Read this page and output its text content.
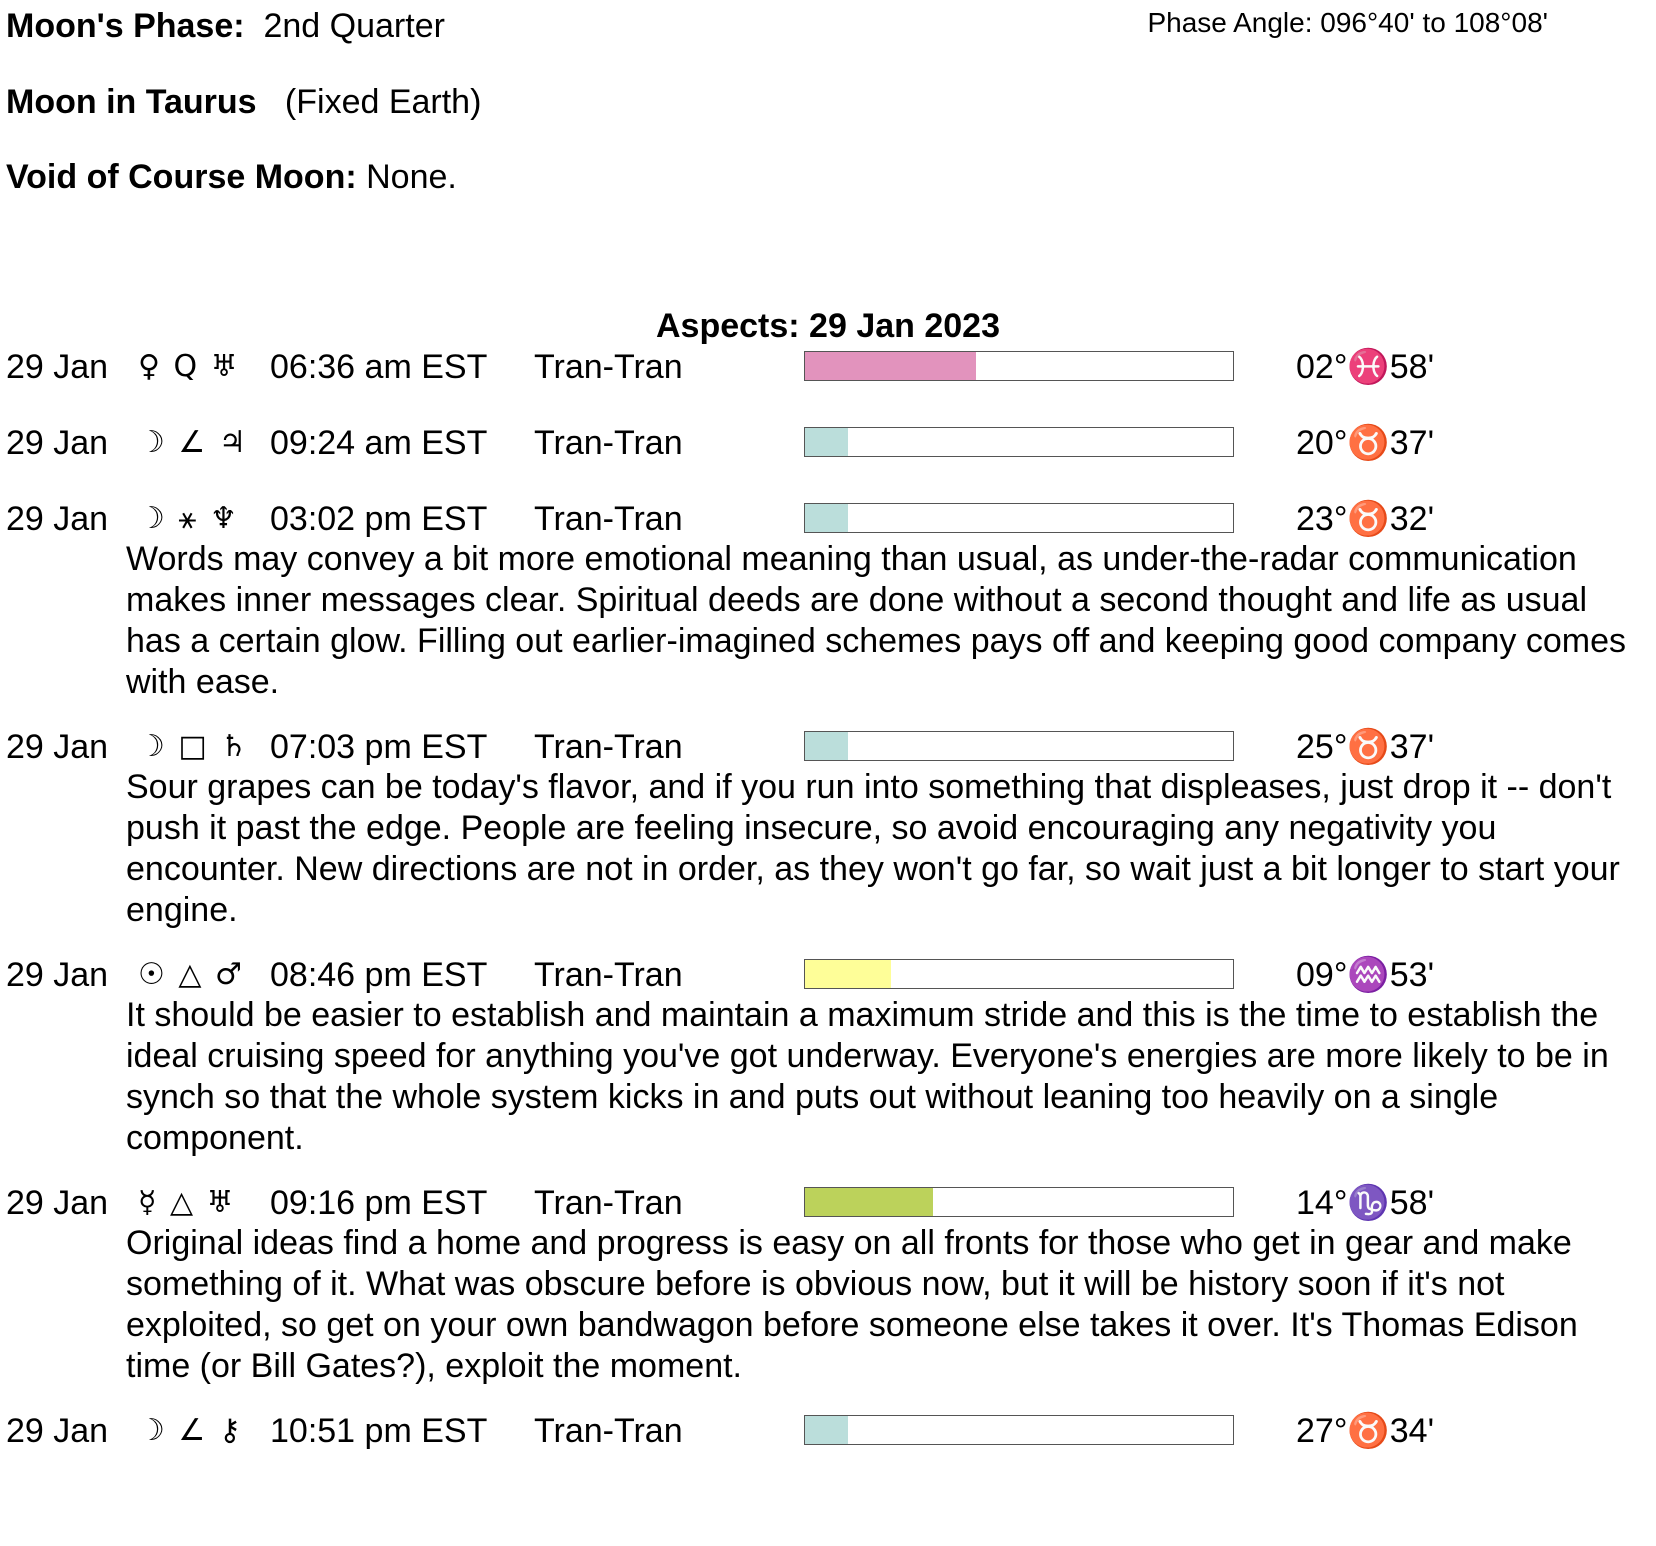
Moon's Phase: 2nd Quarter	Phase Angle: 096°40' to 108°08'
Moon in Taurus (Fixed Earth)
Void of Course Moon: None.
Aspects: 29 Jan 2023
29 Jan ♀ Q ♅ 06:36 am EST Tran-Tran	02°♓58'
29 Jan ☽ ∠ ♃ 09:24 am EST Tran-Tran	20°♉37'
29 Jan ☽ ⚹ ♆ 03:02 pm EST Tran-Tran	23°♉32'
Words may convey a bit more emotional meaning than usual, as under-the-radar communication makes inner messages clear. Spiritual deeds are done without a second thought and life as usual has a certain glow. Filling out earlier-imagined schemes pays off and keeping good company comes with ease.
29 Jan ☽ □ ♄ 07:03 pm EST Tran-Tran	25°♉37'
Sour grapes can be today's flavor, and if you run into something that displeases, just drop it -- don't push it past the edge. People are feeling insecure, so avoid encouraging any negativity you encounter. New directions are not in order, as they won't go far, so wait just a bit longer to start your engine.
29 Jan ☉ △ ♂ 08:46 pm EST Tran-Tran	09°♒53'
It should be easier to establish and maintain a maximum stride and this is the time to establish the ideal cruising speed for anything you've got underway. Everyone's energies are more likely to be in synch so that the whole system kicks in and puts out without leaning too heavily on a single component.
29 Jan ☿ △ ♅	09:16 pm EST Tran-Tran	14°♑58'
Original ideas find a home and progress is easy on all fronts for those who get in gear and make something of it. What was obscure before is obvious now, but it will be history soon if it's not exploited, so get on your own bandwagon before someone else takes it over. It's Thomas Edison time (or Bill Gates?), exploit the moment.
29 Jan ☽ ∠ ⚷ 10:51 pm EST Tran-Tran	27°♉34'
